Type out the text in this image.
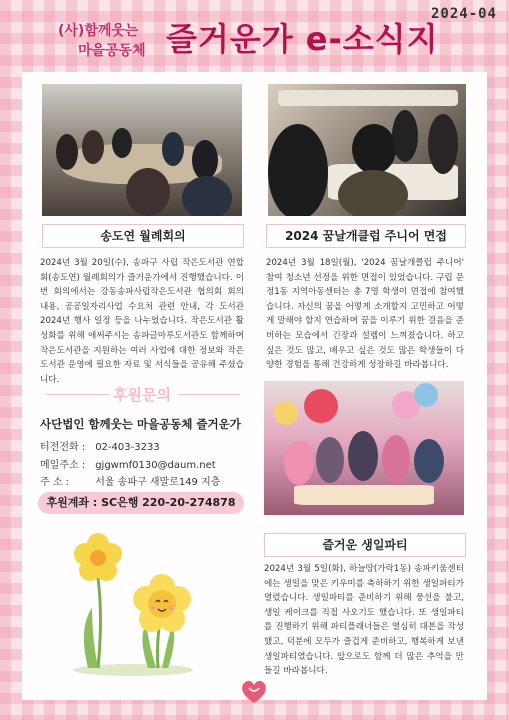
2024-04
(사)함께웃는
마을공동체 즐거운가 e-소식지
송도연 월례회의	2024 꿈날개클럽 주니어 면접
2024년 3월 20일(수), 송파구 사립 작은도서관 연합회(송도연) 월례회의가 즐거운가에서 진행했습니다. 이번 회의에서는 강동송파사립작은도서관 협의회 회의 내용, 공공일자리사업 수요처 관련 안내, 각 도서관 2024년 행사 일정 등을 나누었습니다. 작은도서관 활성화를 위해 애써주시는 송파글마루도서관도 함께하며 작은도서관을 지원하는 여러 사업에 대한 정보와 작은도서관 운영에 필요한 자료 및 서식들을 공유해 주셨습니다.
2024년 3월 18일(월), '2024 꿈날개클럽 주니어' 참여 청소년 선정을 위한 면접이 있었습니다. 구립 문정1동 지역아동센터는 총 7명 학생이 면접에 참여했습니다. 자신의 꿈을 어떻게 소개할지 고민하고 어떻게 말해야 할지 연습하며 꿈을 이루기 위한 걸음을 준비하는 모습에서 긴장과 설렘이 느껴졌습니다. 하고 싶은 것도 많고, 배우고 싶은 것도 많은 학생들이 다양한 경험을 통해 건강하게 성장하길 바라봅니다.
후원문의
사단법인 함께웃는 마을공동체 즐거운가
터전전화 : 02-403-3233
메일주소 : gjgwmf0130@daum.net
주 소 :	서울 송파구 새말로149 지층
후원계좌 : SC은행 220-20-274878
즐거운 생일파티
2024년 3월 5일(화), 하늘땅(가락1동) 송파키움센터에는 생일을 맞은 키우미를 축하하기 위한 생일파티가 열렸습니다. 생일파티를 준비하기 위해 풍선을 불고, 생일 케이크를 직접 사오기도 했습니다. 또 생일파티를 진행하기 위해 파티플래너들은 열심히 대본을 작성했고, 덕분에 모두가 즐겁게 준비하고, 행복하게 보낸 생일파티였습니다. 앞으로도 함께 더 많은 추억을 만들길 바라봅니다.
